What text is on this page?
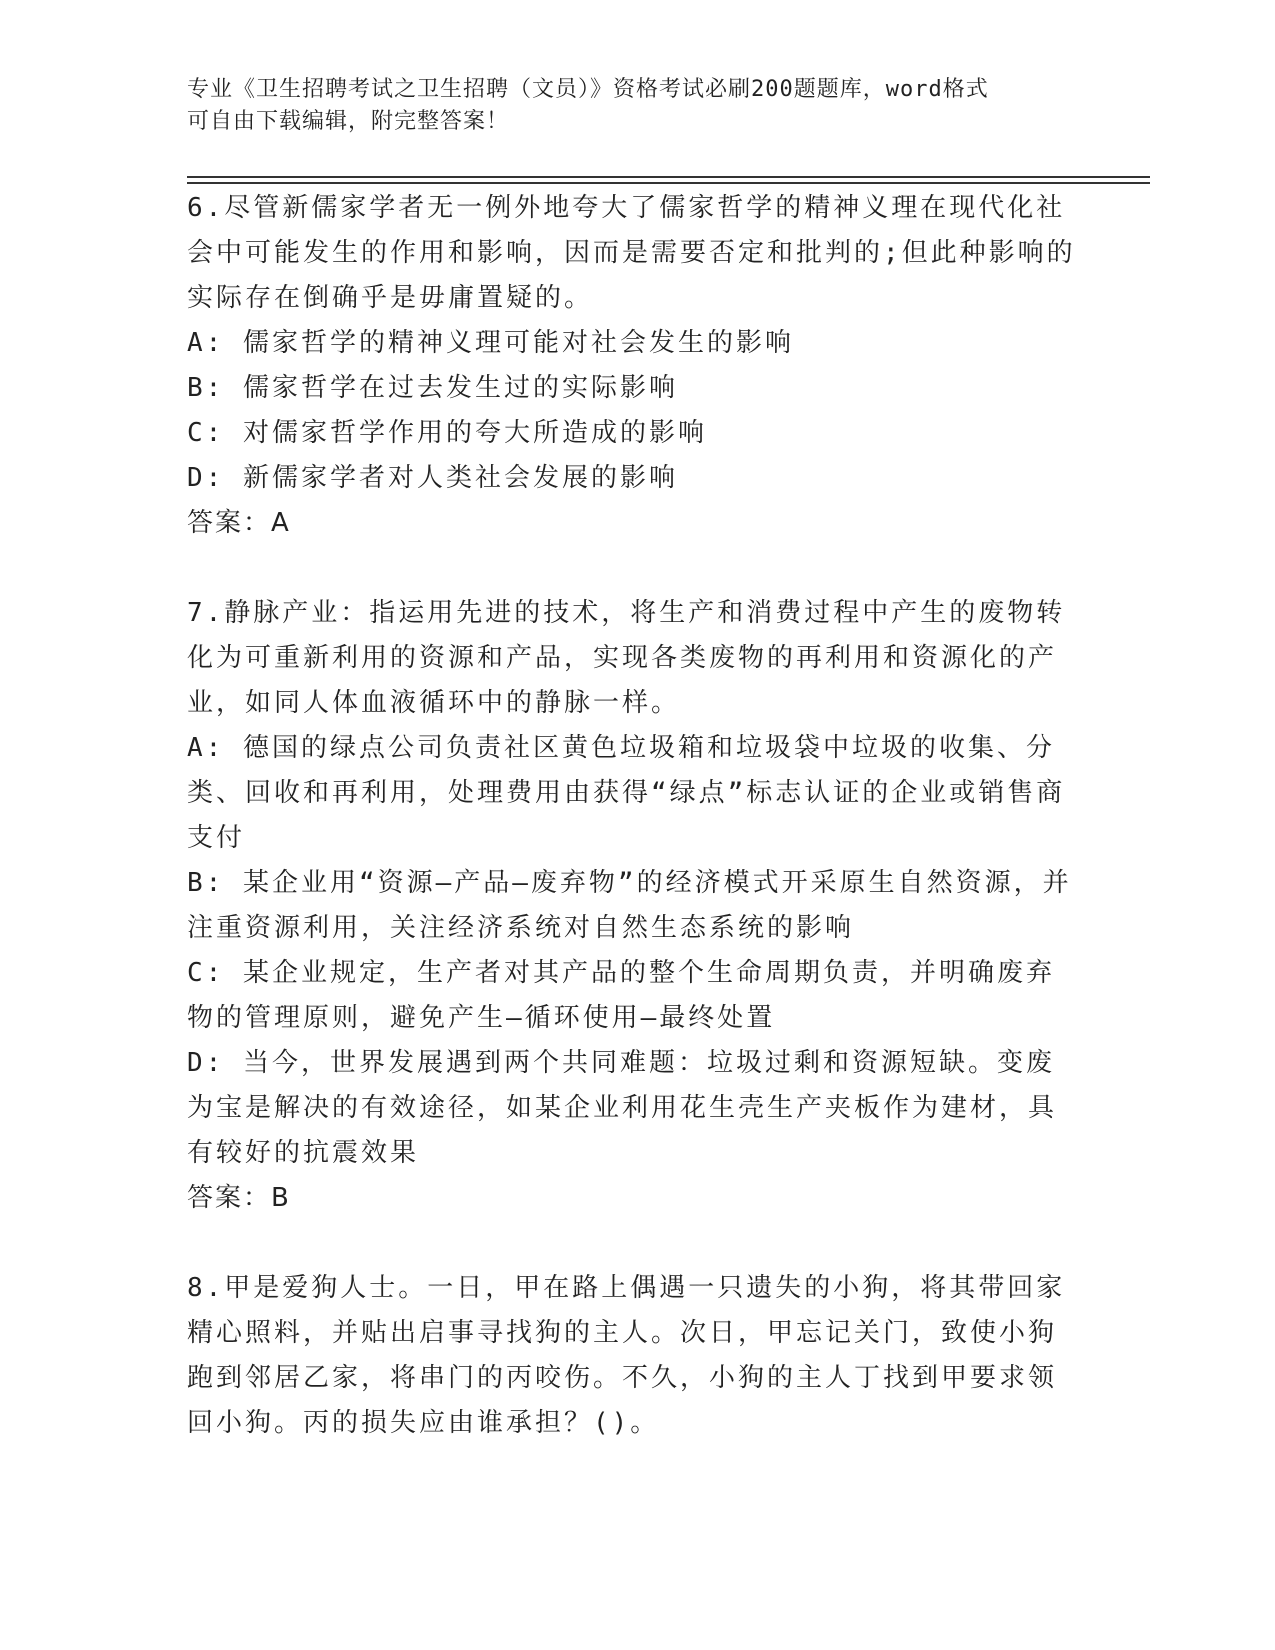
专业《卫生招聘考试之卫生招聘（文员）》资格考试必刷200题题库，word格式
可自由下载编辑，附完整答案！

6.尽管新儒家学者无一例外地夸大了儒家哲学的精神义理在现代化社会中可能发生的作用和影响，因而是需要否定和批判的;但此种影响的实际存在倒确乎是毋庸置疑的。

A: 儒家哲学的精神义理可能对社会发生的影响

B: 儒家哲学在过去发生过的实际影响

C: 对儒家哲学作用的夸大所造成的影响

D: 新儒家学者对人类社会发展的影响

答案：A

7.静脉产业：指运用先进的技术，将生产和消费过程中产生的废物转化为可重新利用的资源和产品，实现各类废物的再利用和资源化的产业，如同人体血液循环中的静脉一样。

A: 德国的绿点公司负责社区黄色垃圾箱和垃圾袋中垃圾的收集、分类、回收和再利用，处理费用由获得“绿点”标志认证的企业或销售商支付

B: 某企业用“资源—产品—废弃物”的经济模式开采原生自然资源，并注重资源利用，关注经济系统对自然生态系统的影响

C: 某企业规定，生产者对其产品的整个生命周期负责，并明确废弃物的管理原则，避免产生—循环使用—最终处置

D: 当今，世界发展遇到两个共同难题：垃圾过剩和资源短缺。变废为宝是解决的有效途径，如某企业利用花生壳生产夹板作为建材，具有较好的抗震效果

答案：B

8.甲是爱狗人士。一日，甲在路上偶遇一只遗失的小狗，将其带回家精心照料，并贴出启事寻找狗的主人。次日，甲忘记关门，致使小狗跑到邻居乙家，将串门的丙咬伤。不久，小狗的主人丁找到甲要求领回小狗。丙的损失应由谁承担？()。
